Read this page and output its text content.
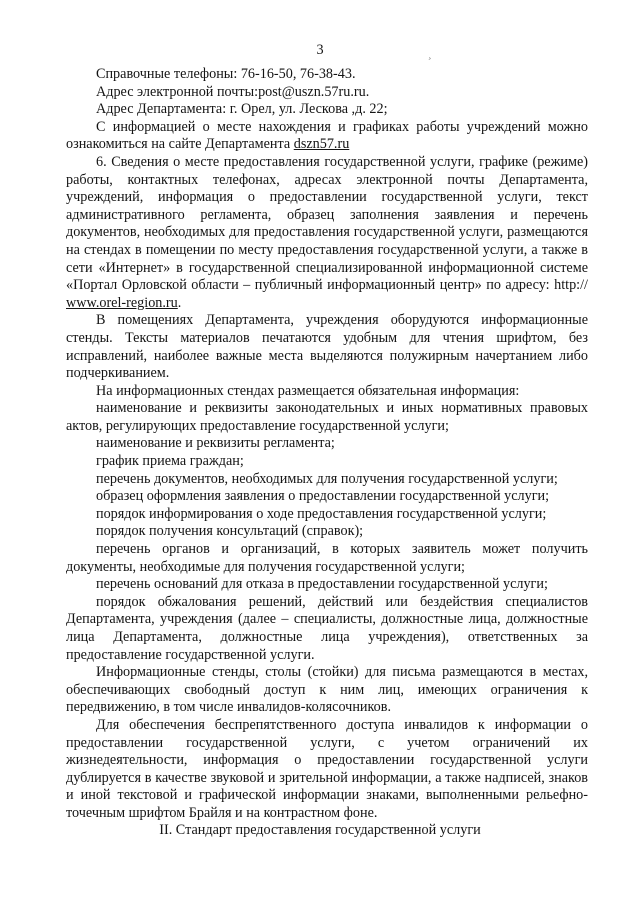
3	¸

Справочные телефоны: 76-16-50, 76-38-43.

Адрес электронной почты:post@uszn.57ru.ru.

Адрес Департамента: г. Орел, ул. Лескова ,д. 22;

С информацией о месте нахождения и графиках работы учреждений можно ознакомиться на сайте Департамента dszn57.ru

6. Сведения о месте предоставления государственной услуги, графике (режиме) работы, контактных телефонах, адресах электронной почты Департамента, учреждений, информация о предоставлении государственной услуги, текст административного регламента, образец заполнения заявления и перечень документов, необходимых для предоставления государственной услуги, размещаются на стендах в помещении по месту предоставления государственной услуги, а также в сети «Интернет» в государственной специализированной информационной системе «Портал Орловской области – публичный информационный центр» по адресу: http:// www.orel-region.ru.

В помещениях Департамента, учреждения оборудуются информационные стенды. Тексты материалов печатаются удобным для чтения шрифтом, без исправлений, наиболее важные места выделяются полужирным начертанием либо подчеркиванием.

На информационных стендах размещается обязательная информация:

наименование и реквизиты законодательных и иных нормативных правовых актов, регулирующих предоставление государственной услуги;

наименование и реквизиты регламента;

график приема граждан;

перечень документов, необходимых для получения государственной услуги;

образец оформления заявления о предоставлении государственной услуги;

порядок информирования о ходе предоставления государственной услуги;

порядок получения консультаций (справок);

перечень органов и организаций, в которых заявитель может получить документы, необходимые для получения государственной услуги;

перечень оснований для отказа в предоставлении государственной услуги;

порядок обжалования решений, действий или бездействия специалистов Департамента, учреждения (далее – специалисты, должностные лица, должностные лица Департамента, должностные лица учреждения), ответственных за предоставление государственной услуги.

Информационные стенды, столы (стойки) для письма размещаются в местах, обеспечивающих свободный доступ к ним лиц, имеющих ограничения к передвижению, в том числе инвалидов-колясочников.

Для обеспечения беспрепятственного доступа инвалидов к информации о предоставлении государственной услуги, с учетом ограничений их жизнедеятельности, информация о предоставлении государственной услуги дублируется в качестве звуковой и зрительной информации, а также надписей, знаков и иной текстовой и графической информации знаками, выполненными рельефно-точечным шрифтом Брайля и на контрастном фоне.

II. Стандарт предоставления государственной услуги
